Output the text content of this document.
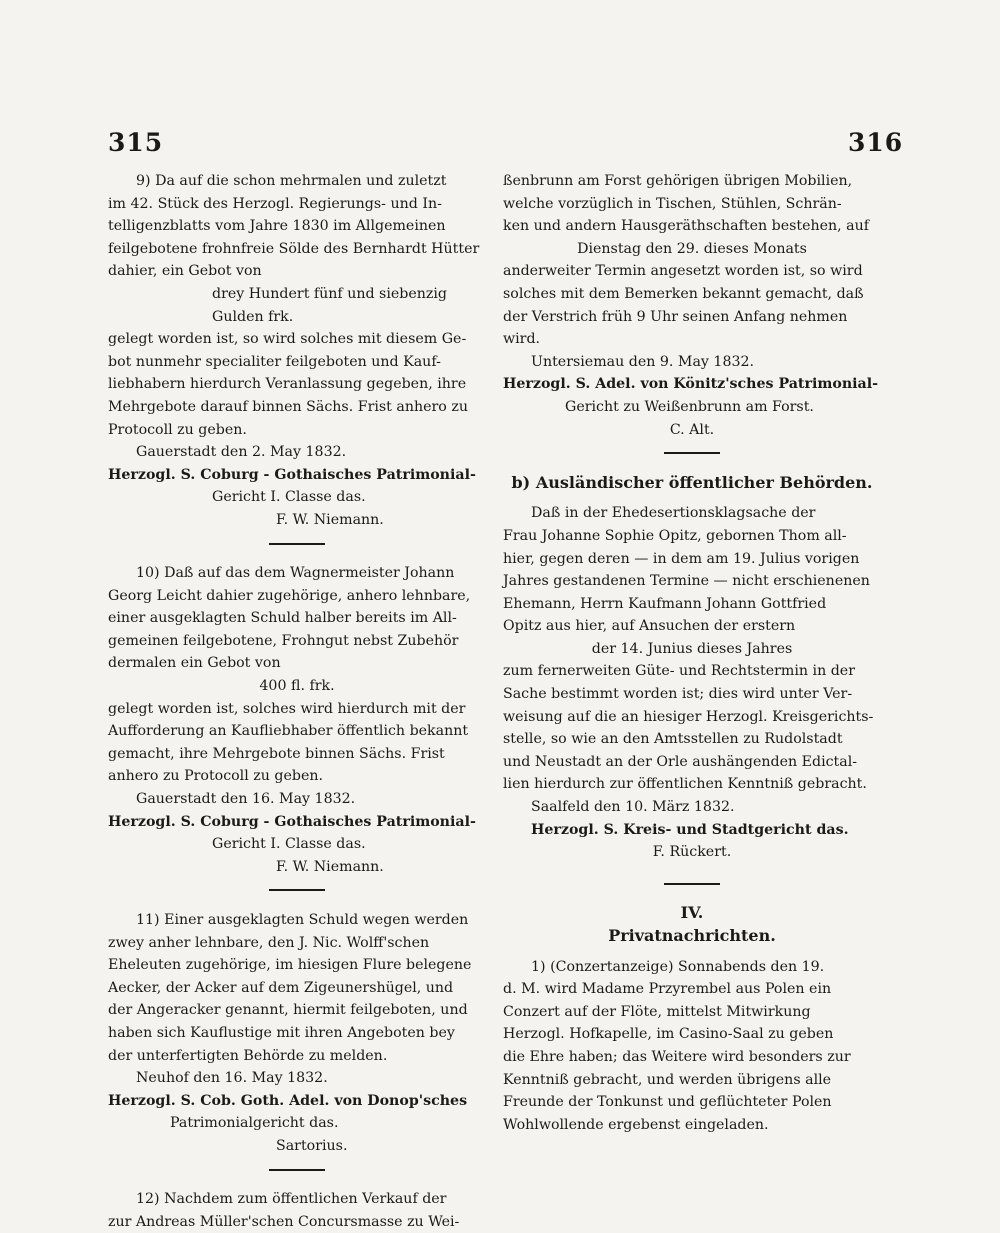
315	316

9) Da auf die schon mehrmalen und zuletzt

im 42. Stück des Herzogl. Regierungs- und In-

telligenzblatts vom Jahre 1830 im Allgemeinen

feilgebotene frohnfreie Sölde des Bernhardt Hütter

dahier, ein Gebot von

drey Hundert fünf und siebenzig Gulden frk.

gelegt worden ist, so wird solches mit diesem Ge-

bot nunmehr specialiter feilgeboten und Kauf-

liebhabern hierdurch Veranlassung gegeben, ihre

Mehrgebote darauf binnen Sächs. Frist anhero zu

Protocoll zu geben.

Gauerstadt den 2. May 1832.

Herzogl. S. Coburg - Gothaisches Patrimonial-

Gericht I. Classe das.

F. W. Niemann.

10) Daß auf das dem Wagnermeister Johann

Georg Leicht dahier zugehörige, anhero lehnbare,

einer ausgeklagten Schuld halber bereits im All-

gemeinen feilgebotene, Frohngut nebst Zubehör

dermalen ein Gebot von

400 fl. frk.

gelegt worden ist, solches wird hierdurch mit der

Aufforderung an Kaufliebhaber öffentlich bekannt

gemacht, ihre Mehrgebote binnen Sächs. Frist

anhero zu Protocoll zu geben.

Gauerstadt den 16. May 1832.

Herzogl. S. Coburg - Gothaisches Patrimonial-

Gericht I. Classe das.

F. W. Niemann.

11) Einer ausgeklagten Schuld wegen werden

zwey anher lehnbare, den J. Nic. Wolff'schen

Eheleuten zugehörige, im hiesigen Flure belegene

Aecker, der Acker auf dem Zigeunershügel, und

der Angeracker genannt, hiermit feilgeboten, und

haben sich Kauflustige mit ihren Angeboten bey

der unterfertigten Behörde zu melden.

Neuhof den 16. May 1832.

Herzogl. S. Cob. Goth. Adel. von Donop'sches

Patrimonialgericht das.

Sartorius.

12) Nachdem zum öffentlichen Verkauf der

zur Andreas Müller'schen Concursmasse zu Wei-

ßenbrunn am Forst gehörigen übrigen Mobilien,

welche vorzüglich in Tischen, Stühlen, Schrän-

ken und andern Hausgeräthschaften bestehen, auf

Dienstag den 29. dieses Monats

anderweiter Termin angesetzt worden ist, so wird

solches mit dem Bemerken bekannt gemacht, daß

der Verstrich früh 9 Uhr seinen Anfang nehmen

wird.

Untersiemau den 9. May 1832.

Herzogl. S. Adel. von Könitz'sches Patrimonial-

Gericht zu Weißenbrunn am Forst.

C. Alt.

b) Ausländischer öffentlicher Behörden.

Daß in der Ehedesertionsklagsache der

Frau Johanne Sophie Opitz, gebornen Thom all-

hier, gegen deren — in dem am 19. Julius vorigen

Jahres gestandenen Termine — nicht erschienenen

Ehemann, Herrn Kaufmann Johann Gottfried

Opitz aus hier, auf Ansuchen der erstern

der 14. Junius dieses Jahres

zum fernerweiten Güte- und Rechtstermin in der

Sache bestimmt worden ist; dies wird unter Ver-

weisung auf die an hiesiger Herzogl. Kreisgerichts-

stelle, so wie an den Amtsstellen zu Rudolstadt

und Neustadt an der Orle aushängenden Edictal-

lien hierdurch zur öffentlichen Kenntniß gebracht.

Saalfeld den 10. März 1832.

Herzogl. S. Kreis- und Stadtgericht das.

F. Rückert.

IV.

Privatnachrichten.

1) (Conzertanzeige) Sonnabends den 19.

d. M. wird Madame Przyrembel aus Polen ein

Conzert auf der Flöte, mittelst Mitwirkung

Herzogl. Hofkapelle, im Casino-Saal zu geben

die Ehre haben; das Weitere wird besonders zur

Kenntniß gebracht, und werden übrigens alle

Freunde der Tonkunst und geflüchteter Polen

Wohlwollende ergebenst eingeladen.
